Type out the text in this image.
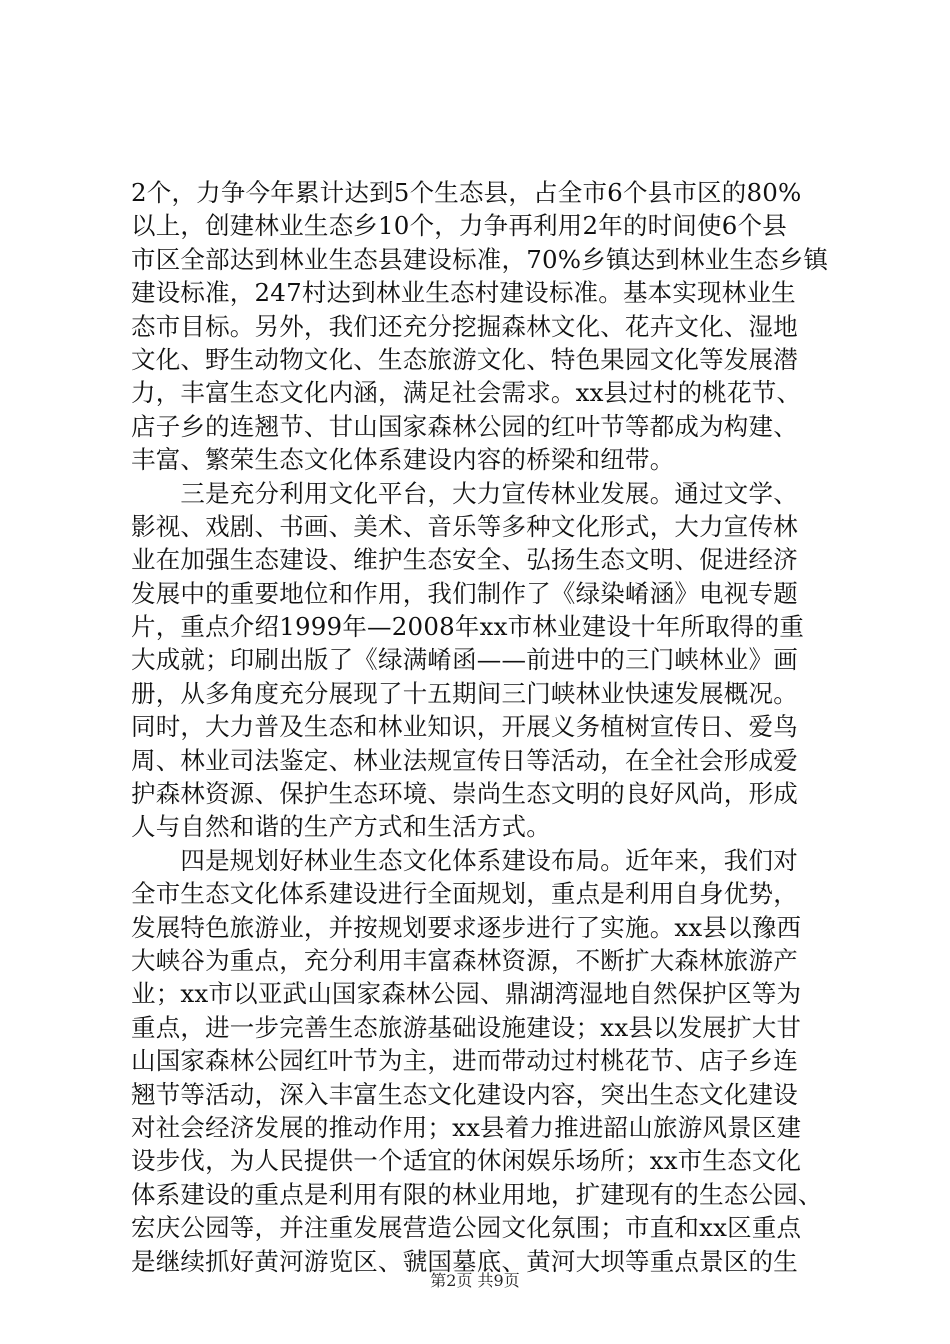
2个，力争今年累计达到5个生态县，占全市6个县市区的80%
以上，创建林业生态乡10个，力争再利用2年的时间使6个县
市区全部达到林业生态县建设标准，70%乡镇达到林业生态乡镇
建设标准，247村达到林业生态村建设标准。基本实现林业生
态市目标。另外，我们还充分挖掘森林文化、花卉文化、湿地
文化、野生动物文化、生态旅游文化、特色果园文化等发展潜
力，丰富生态文化内涵，满足社会需求。xx县过村的桃花节、
店子乡的连翘节、甘山国家森林公园的红叶节等都成为构建、
丰富、繁荣生态文化体系建设内容的桥梁和纽带。
　　三是充分利用文化平台，大力宣传林业发展。通过文学、
影视、戏剧、书画、美术、音乐等多种文化形式，大力宣传林
业在加强生态建设、维护生态安全、弘扬生态文明、促进经济
发展中的重要地位和作用，我们制作了《绿染崤涵》电视专题
片，重点介绍1999年—2008年xx市林业建设十年所取得的重
大成就；印刷出版了《绿满崤函——前进中的三门峡林业》画
册，从多角度充分展现了十五期间三门峡林业快速发展概况。
同时，大力普及生态和林业知识，开展义务植树宣传日、爱鸟
周、林业司法鉴定、林业法规宣传日等活动，在全社会形成爱
护森林资源、保护生态环境、崇尚生态文明的良好风尚，形成
人与自然和谐的生产方式和生活方式。
　　四是规划好林业生态文化体系建设布局。近年来，我们对
全市生态文化体系建设进行全面规划，重点是利用自身优势，
发展特色旅游业，并按规划要求逐步进行了实施。xx县以豫西
大峡谷为重点，充分利用丰富森林资源，不断扩大森林旅游产
业；xx市以亚武山国家森林公园、鼎湖湾湿地自然保护区等为
重点，进一步完善生态旅游基础设施建设；xx县以发展扩大甘
山国家森林公园红叶节为主，进而带动过村桃花节、店子乡连
翘节等活动，深入丰富生态文化建设内容，突出生态文化建设
对社会经济发展的推动作用；xx县着力推进韶山旅游风景区建
设步伐，为人民提供一个适宜的休闲娱乐场所；xx市生态文化
体系建设的重点是利用有限的林业用地，扩建现有的生态公园、
宏庆公园等，并注重发展营造公园文化氛围；市直和xx区重点
是继续抓好黄河游览区、虢国墓底、黄河大坝等重点景区的生
第2页 共9页
